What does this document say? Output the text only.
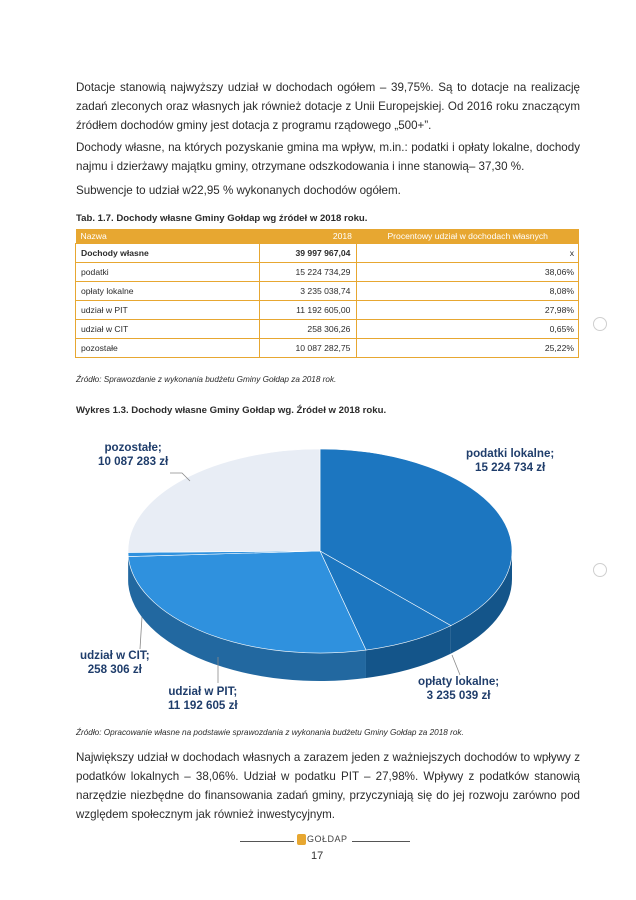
Dotacje stanowią najwyższy udział w dochodach ogółem – 39,75%. Są to dotacje na realizację zadań zleconych oraz własnych jak również dotacje z Unii Europejskiej. Od 2016 roku znaczącym źródłem dochodów gminy jest dotacja z programu rządowego „500+”.
Dochody własne, na których pozyskanie gmina ma wpływ, m.in.: podatki i opłaty lokalne, dochody najmu i dzierżawy majątku gminy, otrzymane odszkodowania i inne stanowią– 37,30 %.
Subwencje to udział w22,95 % wykonanych dochodów ogółem.
Tab. 1.7. Dochody własne Gminy Gołdap wg źródeł w 2018 roku.
Nazwa	2018	Procentowy udział w dochodach własnych
Dochody własne	39 997 967,04	x
podatki	15 224 734,29	38,06%
opłaty lokalne	3 235 038,74	8,08%
udział w PIT	11 192 605,00	27,98%
udział w CIT	258 306,26	0,65%
pozostałe	10 087 282,75	25,22%
Źródło: Sprawozdanie z wykonania budżetu Gminy Gołdap za 2018 rok.
Wykres 1.3. Dochody własne Gminy Gołdap wg. Źródeł w 2018 roku.
pozostałe;
10 087 283 zł
podatki lokalne;
15 224 734 zł
udział w CIT;
258 306 zł
udział w PIT;
11 192 605 zł
opłaty lokalne;
3 235 039 zł
Źródło: Opracowanie własne na podstawie sprawozdania z wykonania budżetu Gminy Gołdap za 2018 rok.
Największy udział w dochodach własnych a zarazem jeden z ważniejszych dochodów to wpływy z podatków lokalnych – 38,06%. Udział w podatku PIT – 27,98%. Wpływy z podatków stanowią narzędzie niezbędne do finansowania zadań gminy, przyczyniają się do jej rozwoju zarówno pod względem społecznym jak również inwestycyjnym.
GOŁDAP
17
